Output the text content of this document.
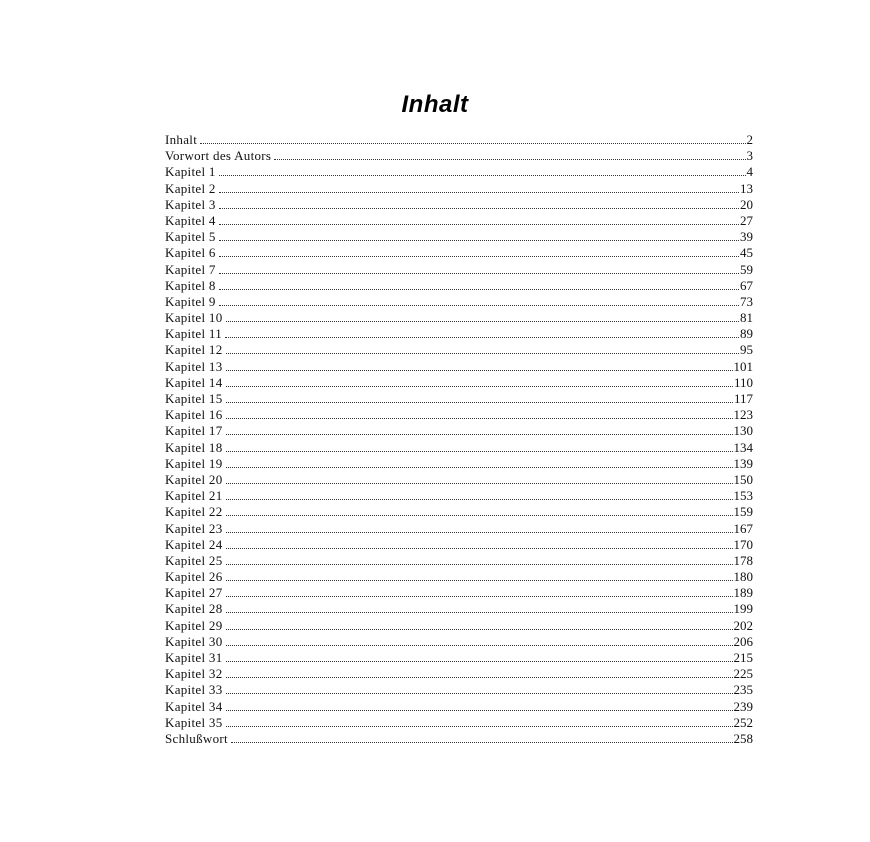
Inhalt
Inhalt	2
Vorwort des Autors	3
Kapitel 1	4
Kapitel 2	13
Kapitel 3	20
Kapitel 4	27
Kapitel 5	39
Kapitel 6	45
Kapitel 7	59
Kapitel 8	67
Kapitel 9	73
Kapitel 10	81
Kapitel 11	89
Kapitel 12	95
Kapitel 13	101
Kapitel 14	110
Kapitel 15	117
Kapitel 16	123
Kapitel 17	130
Kapitel 18	134
Kapitel 19	139
Kapitel 20	150
Kapitel 21	153
Kapitel 22	159
Kapitel 23	167
Kapitel 24	170
Kapitel 25	178
Kapitel 26	180
Kapitel 27	189
Kapitel 28	199
Kapitel 29	202
Kapitel 30	206
Kapitel 31	215
Kapitel 32	225
Kapitel 33	235
Kapitel 34	239
Kapitel 35	252
Schlußwort	258
